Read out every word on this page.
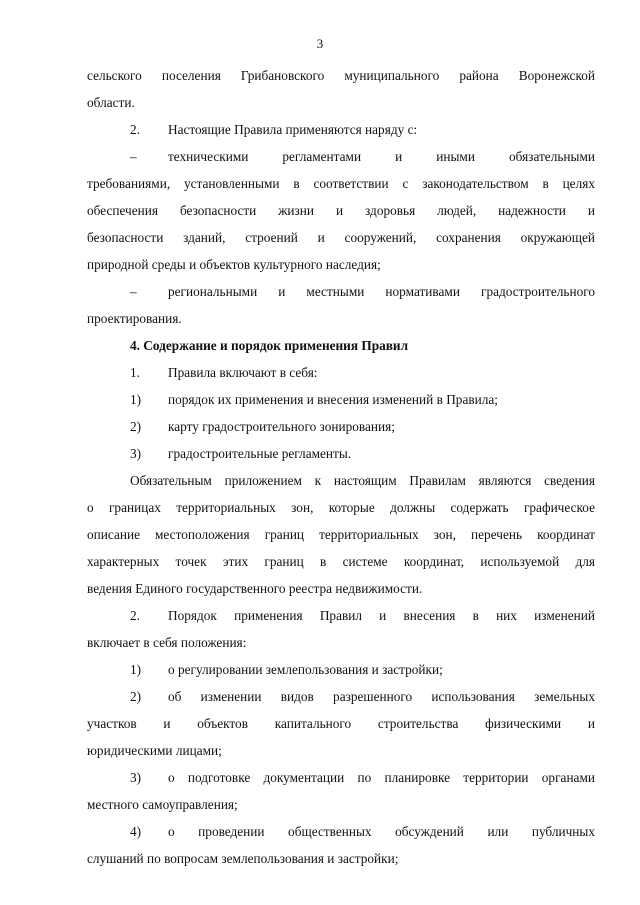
3
сельского поселения Грибановского муниципального района Воронежской
области.
2. Настоящие Правила применяются наряду с:
– техническими регламентами и иными обязательными
требованиями, установленными в соответствии с законодательством в целях
обеспечения безопасности жизни и здоровья людей, надежности и
безопасности зданий, строений и сооружений, сохранения окружающей
природной среды и объектов культурного наследия;
– региональными и местными нормативами градостроительного
проектирования.
4. Содержание и порядок применения Правил
1. Правила включают в себя:
1) порядок их применения и внесения изменений в Правила;
2) карту градостроительного зонирования;
3) градостроительные регламенты.
Обязательным приложением к настоящим Правилам являются сведения
о границах территориальных зон, которые должны содержать графическое
описание местоположения границ территориальных зон, перечень координат
характерных точек этих границ в системе координат, используемой для
ведения Единого государственного реестра недвижимости.
2. Порядок применения Правил и внесения в них изменений
включает в себя положения:
1) о регулировании землепользования и застройки;
2) об изменении видов разрешенного использования земельных
участков и объектов капитального строительства физическими и
юридическими лицами;
3) о подготовке документации по планировке территории органами
местного самоуправления;
4) о проведении общественных обсуждений или публичных
слушаний по вопросам землепользования и застройки;
